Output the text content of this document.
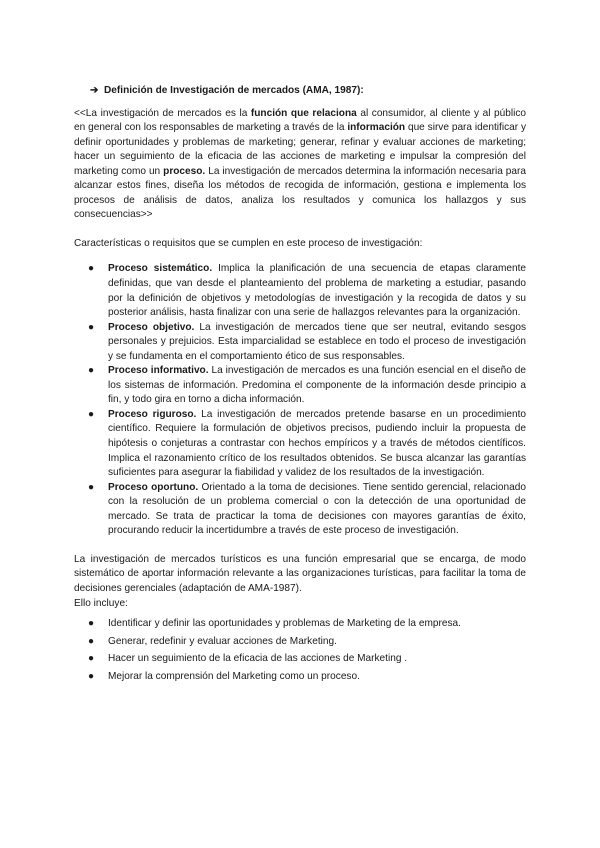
➔ Definición de Investigación de mercados (AMA, 1987):

<<La investigación de mercados es la función que relaciona al consumidor, al cliente y al público en general con los responsables de marketing a través de la información que sirve para identificar y definir oportunidades y problemas de marketing; generar, refinar y evaluar acciones de marketing; hacer un seguimiento de la eficacia de las acciones de marketing e impulsar la compresión del marketing como un proceso. La investigación de mercados determina la información necesaria para alcanzar estos fines, diseña los métodos de recogida de información, gestiona e implementa los procesos de análisis de datos, analiza los resultados y comunica los hallazgos y sus consecuencias>>

Características o requisitos que se cumplen en este proceso de investigación:

● Proceso sistemático. Implica la planificación de una secuencia de etapas claramente definidas, que van desde el planteamiento del problema de marketing a estudiar, pasando por la definición de objetivos y metodologías de investigación y la recogida de datos y su posterior análisis, hasta finalizar con una serie de hallazgos relevantes para la organización.
● Proceso objetivo. La investigación de mercados tiene que ser neutral, evitando sesgos personales y prejuicios. Esta imparcialidad se establece en todo el proceso de investigación y se fundamenta en el comportamiento ético de sus responsables.
● Proceso informativo. La investigación de mercados es una función esencial en el diseño de los sistemas de información. Predomina el componente de la información desde principio a fin, y todo gira en torno a dicha información.
● Proceso riguroso. La investigación de mercados pretende basarse en un procedimiento científico. Requiere la formulación de objetivos precisos, pudiendo incluir la propuesta de hipótesis o conjeturas a contrastar con hechos empíricos y a través de métodos científicos. Implica el razonamiento crítico de los resultados obtenidos. Se busca alcanzar las garantías suficientes para asegurar la fiabilidad y validez de los resultados de la investigación.
● Proceso oportuno. Orientado a la toma de decisiones. Tiene sentido gerencial, relacionado con la resolución de un problema comercial o con la detección de una oportunidad de mercado. Se trata de practicar la toma de decisiones con mayores garantías de éxito, procurando reducir la incertidumbre a través de este proceso de investigación.

La investigación de mercados turísticos es una función empresarial que se encarga, de modo sistemático de aportar información relevante a las organizaciones turísticas, para facilitar la toma de decisiones gerenciales (adaptación de AMA-1987).

Ello incluye:

● Identificar y definir las oportunidades y problemas de Marketing de la empresa.
● Generar, redefinir y evaluar acciones de Marketing.
● Hacer un seguimiento de la eficacia de las acciones de Marketing .
● Mejorar la comprensión del Marketing como un proceso.
